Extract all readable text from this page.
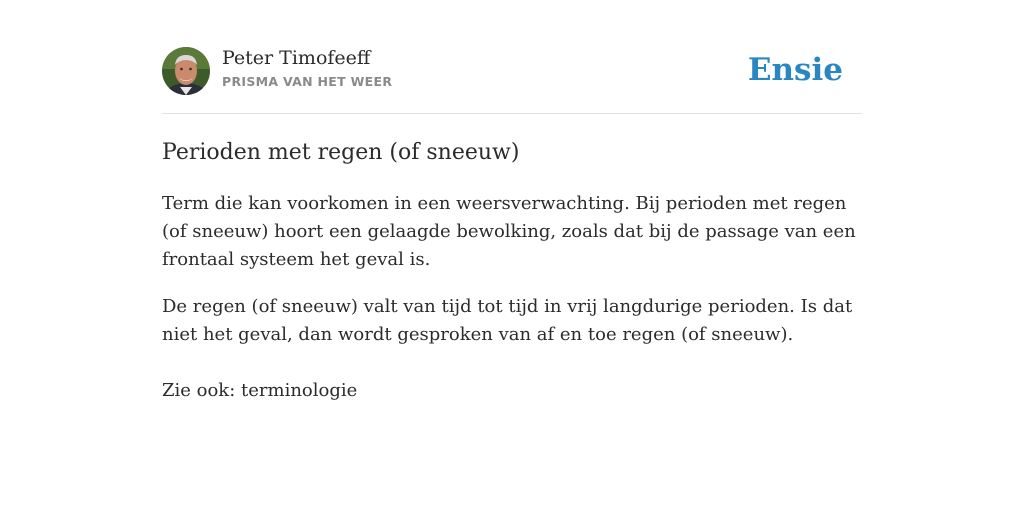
Peter Timofeeff
PRISMA VAN HET WEER	Ensie
Perioden met regen (of sneeuw)

Term die kan voorkomen in een weersverwachting. Bij perioden met regen (of sneeuw) hoort een gelaagde bewolking, zoals dat bij de passage van een frontaal systeem het geval is.

De regen (of sneeuw) valt van tijd tot tijd in vrij langdurige perioden. Is dat niet het geval, dan wordt gesproken van af en toe regen (of sneeuw).

Zie ook: terminologie
